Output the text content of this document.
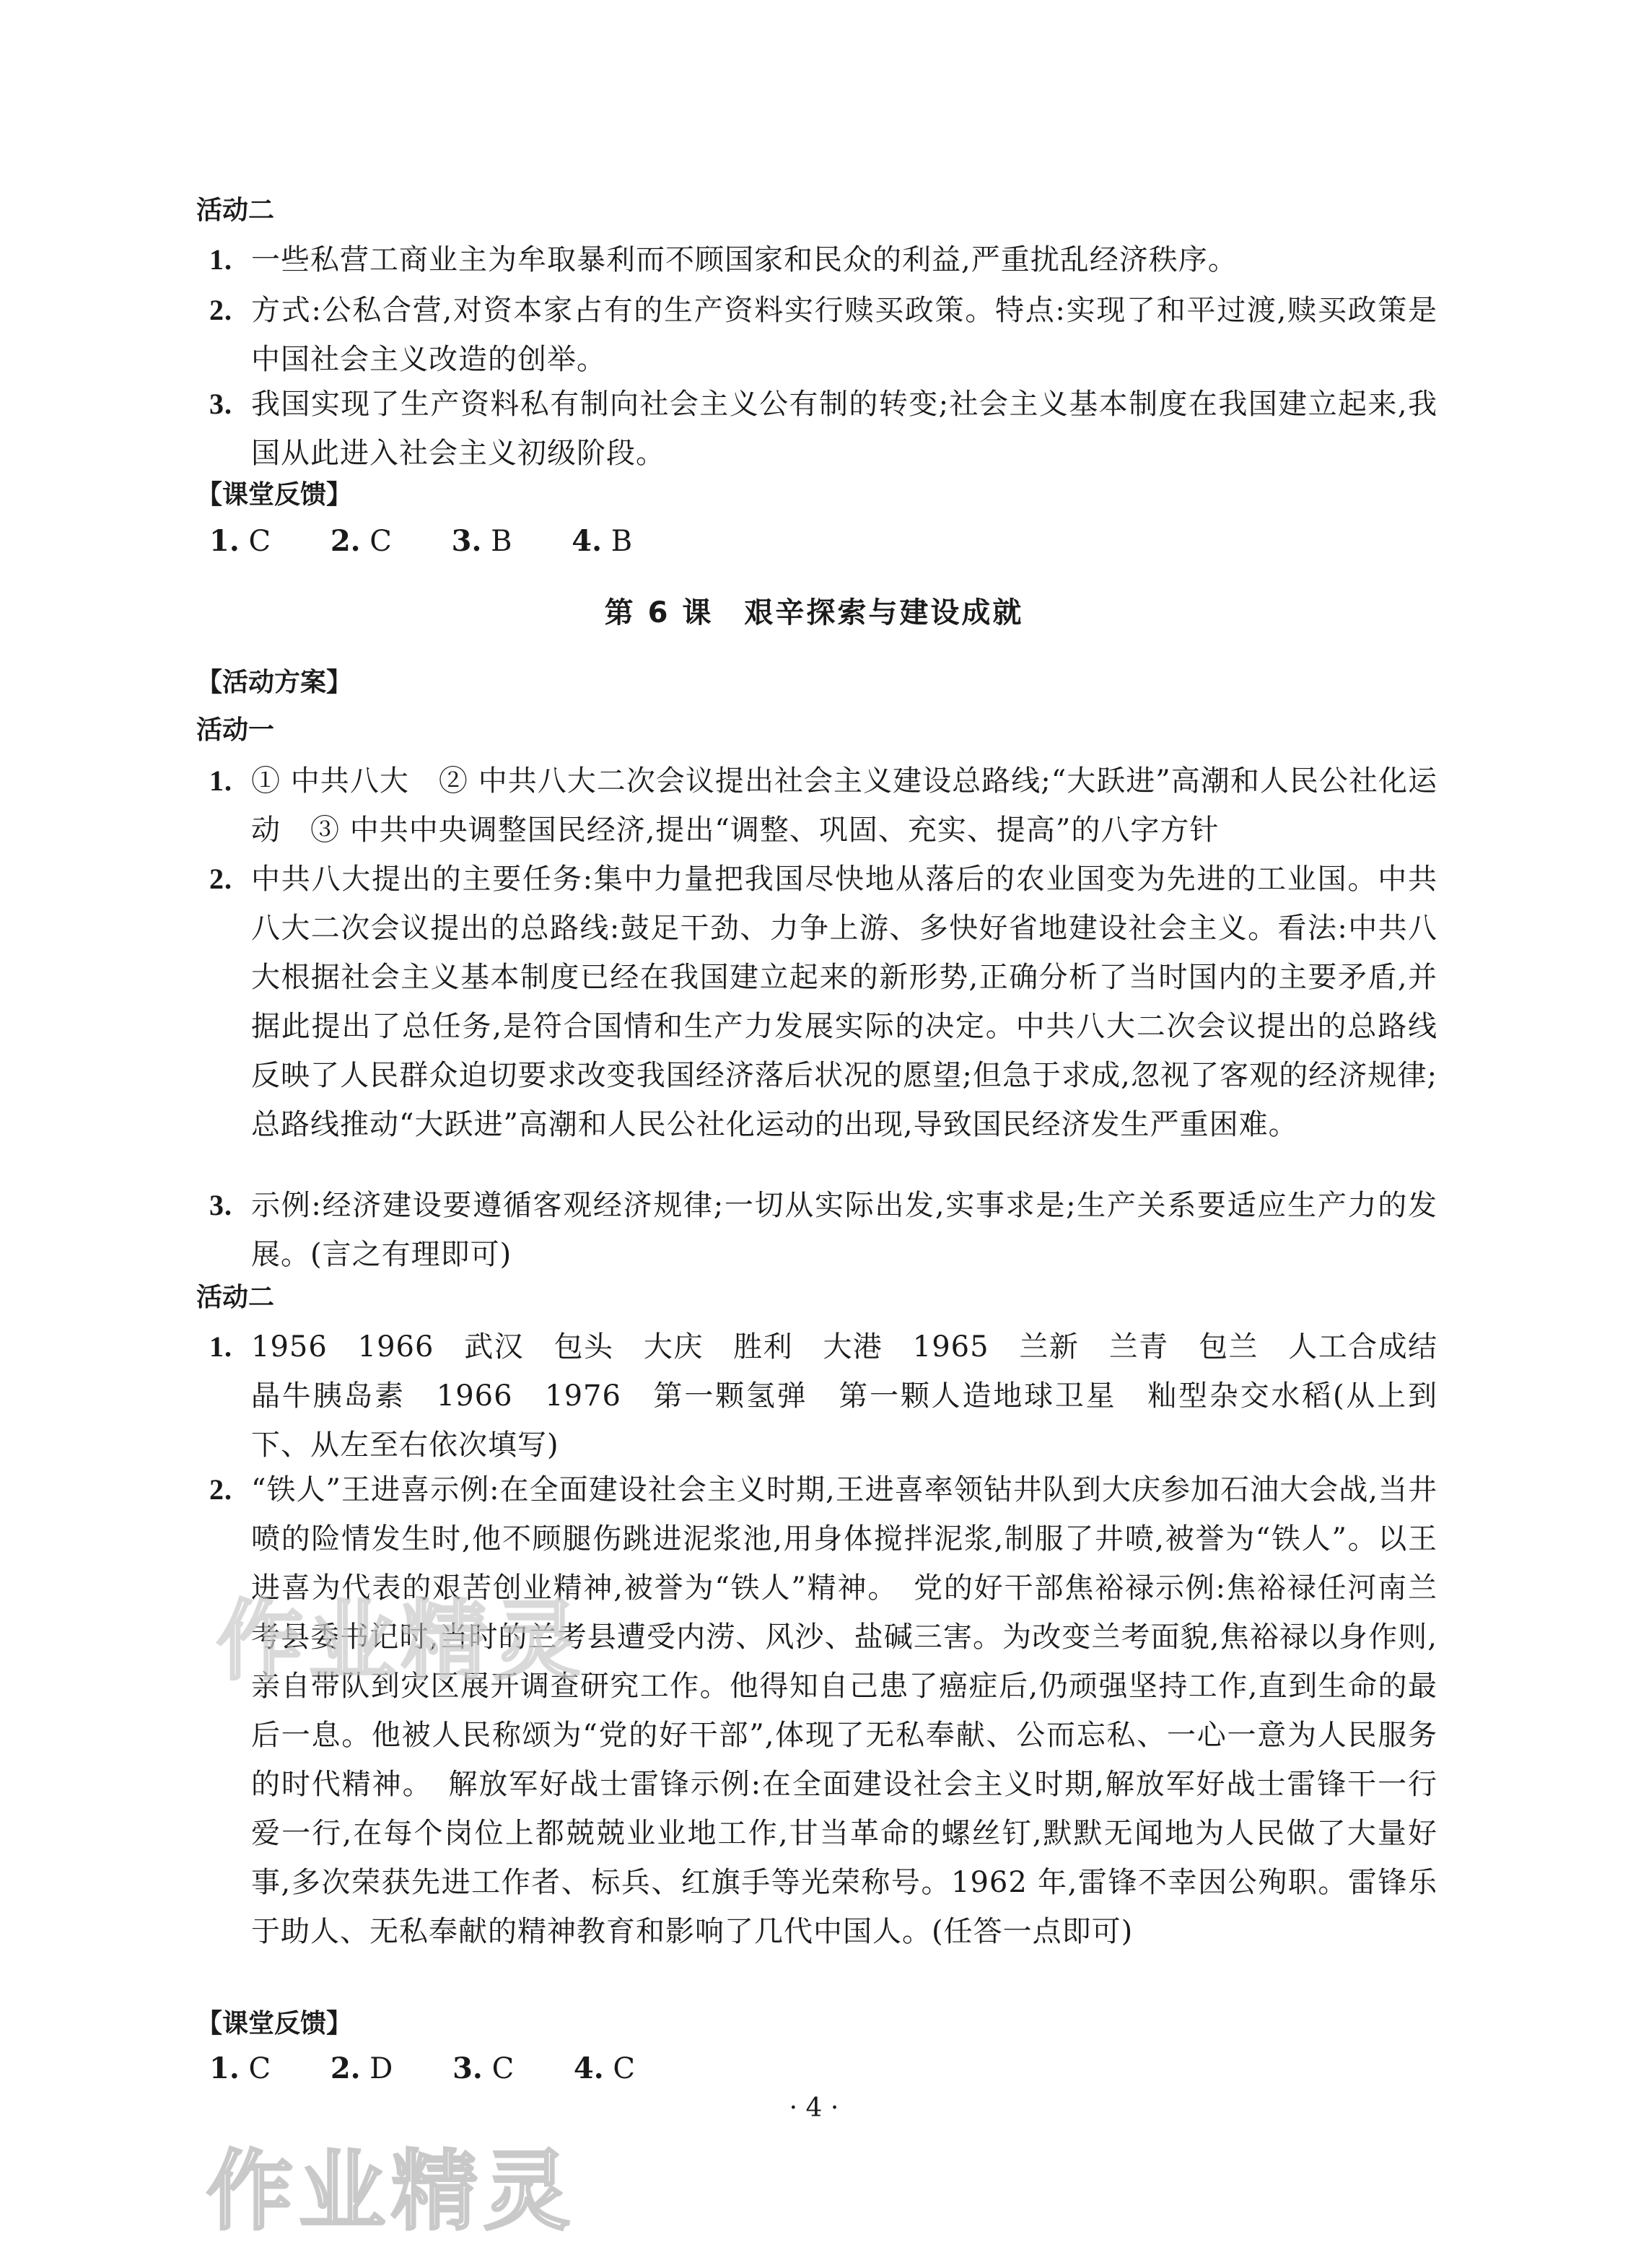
活动二
1. 一些私营工商业主为牟取暴利而不顾国家和民众的利益,严重扰乱经济秩序。
2. 方式:公私合营,对资本家占有的生产资料实行赎买政策。特点:实现了和平过渡,赎买政策是中国社会主义改造的创举。
3. 我国实现了生产资料私有制向社会主义公有制的转变;社会主义基本制度在我国建立起来,我国从此进入社会主义初级阶段。
【课堂反馈】
1. C 2. C 3. B 4. B
第 6 课　艰辛探索与建设成就
【活动方案】
活动一
1. ① 中共八大　② 中共八大二次会议提出社会主义建设总路线;“大跃进”高潮和人民公社化运动　③ 中共中央调整国民经济,提出“调整、巩固、充实、提高”的八字方针
2. 中共八大提出的主要任务:集中力量把我国尽快地从落后的农业国变为先进的工业国。中共八大二次会议提出的总路线:鼓足干劲、力争上游、多快好省地建设社会主义。看法:中共八大根据社会主义基本制度已经在我国建立起来的新形势,正确分析了当时国内的主要矛盾,并据此提出了总任务,是符合国情和生产力发展实际的决定。中共八大二次会议提出的总路线反映了人民群众迫切要求改变我国经济落后状况的愿望;但急于求成,忽视了客观的经济规律;总路线推动“大跃进”高潮和人民公社化运动的出现,导致国民经济发生严重困难。
3. 示例:经济建设要遵循客观经济规律;一切从实际出发,实事求是;生产关系要适应生产力的发展。(言之有理即可)
活动二
1. 1956　1966　武汉　包头　大庆　胜利　大港　1965　兰新　兰青　包兰　人工合成结晶牛胰岛素　1966　1976　第一颗氢弹　第一颗人造地球卫星　籼型杂交水稻(从上到下、从左至右依次填写)
2. “铁人”王进喜示例:在全面建设社会主义时期,王进喜率领钻井队到大庆参加石油大会战,当井喷的险情发生时,他不顾腿伤跳进泥浆池,用身体搅拌泥浆,制服了井喷,被誉为“铁人”。以王进喜为代表的艰苦创业精神,被誉为“铁人”精神。　党的好干部焦裕禄示例:焦裕禄任河南兰考县委书记时,当时的兰考县遭受内涝、风沙、盐碱三害。为改变兰考面貌,焦裕禄以身作则,亲自带队到灾区展开调查研究工作。他得知自己患了癌症后,仍顽强坚持工作,直到生命的最后一息。他被人民称颂为“党的好干部”,体现了无私奉献、公而忘私、一心一意为人民服务的时代精神。　解放军好战士雷锋示例:在全面建设社会主义时期,解放军好战士雷锋干一行爱一行,在每个岗位上都兢兢业业地工作,甘当革命的螺丝钉,默默无闻地为人民做了大量好事,多次荣获先进工作者、标兵、红旗手等光荣称号。1962 年,雷锋不幸因公殉职。雷锋乐于助人、无私奉献的精神教育和影响了几代中国人。(任答一点即可)
【课堂反馈】
1. C 2. D 3. C 4. C
· 4 ·
作业精灵
作业精灵
